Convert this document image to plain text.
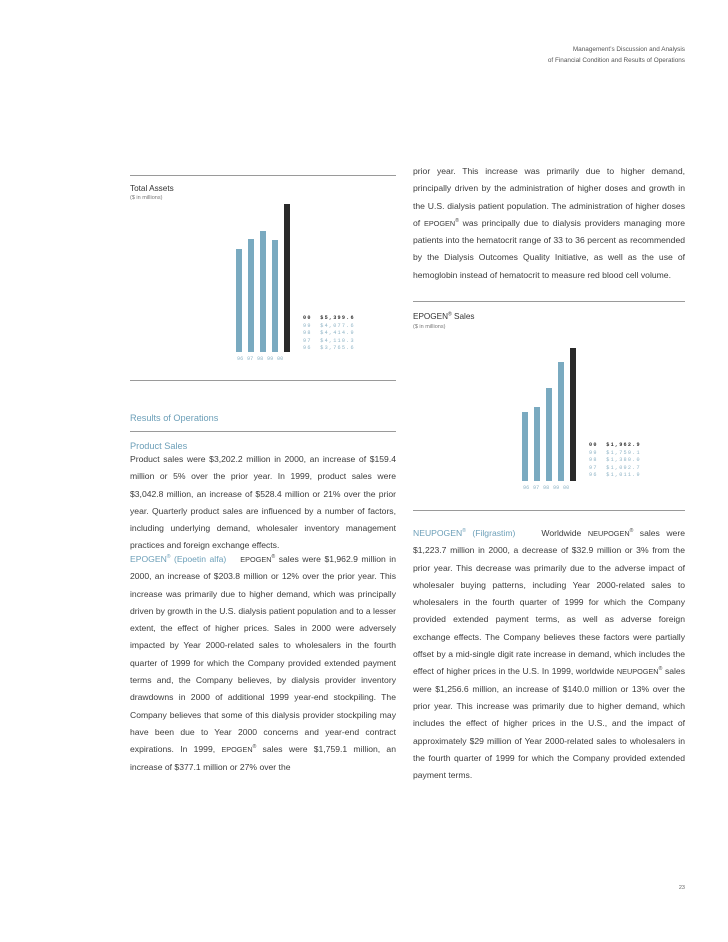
Management’s Discussion and Analysis
of Financial Condition and Results of Operations
Total Assets
($ in millions)
00  $5,399.6
99  $4,077.6
98  $4,414.9
97  $4,110.3
96  $3,765.6
96 97 98 99 00
Results of Operations
Product Sales

Product sales were $3,202.2 million in 2000, an increase of $159.4 million or 5% over the prior year. In 1999, product sales were $3,042.8 million, an increase of $528.4 million or 21% over the prior year. Quarterly product sales are influenced by a number of factors, including underlying demand, wholesaler inventory management practices and foreign exchange effects.

EPOGEN® (Epoetin alfa) EPOGEN® sales were $1,962.9 million in 2000, an increase of $203.8 million or 12% over the prior year. This increase was primarily due to higher demand, which was principally driven by growth in the U.S. dialysis patient population and to a lesser extent, the effect of higher prices. Sales in 2000 were adversely impacted by Year 2000-related sales to wholesalers in the fourth quarter of 1999 for which the Company provided extended payment terms and, the Company believes, by dialysis provider inventory drawdowns in 2000 of additional 1999 year-end stockpiling. The Company believes that some of this dialysis provider stockpiling may have been due to Year 2000 concerns and year-end contract expirations. In 1999, EPOGEN® sales were $1,759.1 million, an increase of $377.1 million or 27% over the

prior year. This increase was primarily due to higher demand, principally driven by the administration of higher doses and growth in the U.S. dialysis patient population. The administration of higher doses of EPOGEN® was principally due to dialysis providers managing more patients into the hematocrit range of 33 to 36 percent as recommended by the Dialysis Outcomes Quality Initiative, as well as the use of hemoglobin instead of hematocrit to measure red blood cell volume.

EPOGEN® Sales
($ in millions)
00  $1,962.9
99  $1,759.1
98  $1,380.0
97  $1,092.7
96  $1,011.9
96 97 98 99 00

NEUPOGEN® (Filgrastim)    Worldwide NEUPOGEN® sales were $1,223.7 million in 2000, a decrease of $32.9 million or 3% from the prior year. This decrease was primarily due to the adverse impact of wholesaler buying patterns, including Year 2000-related sales to wholesalers in the fourth quarter of 1999 for which the Company provided extended payment terms, as well as adverse foreign exchange effects. The Company believes these factors were partially offset by a mid-single digit rate increase in demand, which includes the effect of higher prices in the U.S. In 1999, worldwide NEUPOGEN® sales were $1,256.6 million, an increase of $140.0 million or 13% over the prior year. This increase was primarily due to higher demand, which includes the effect of higher prices in the U.S., and the impact of approximately $29 million of Year 2000-related sales to wholesalers in the fourth quarter of 1999 for which the Company provided extended payment terms.

23
